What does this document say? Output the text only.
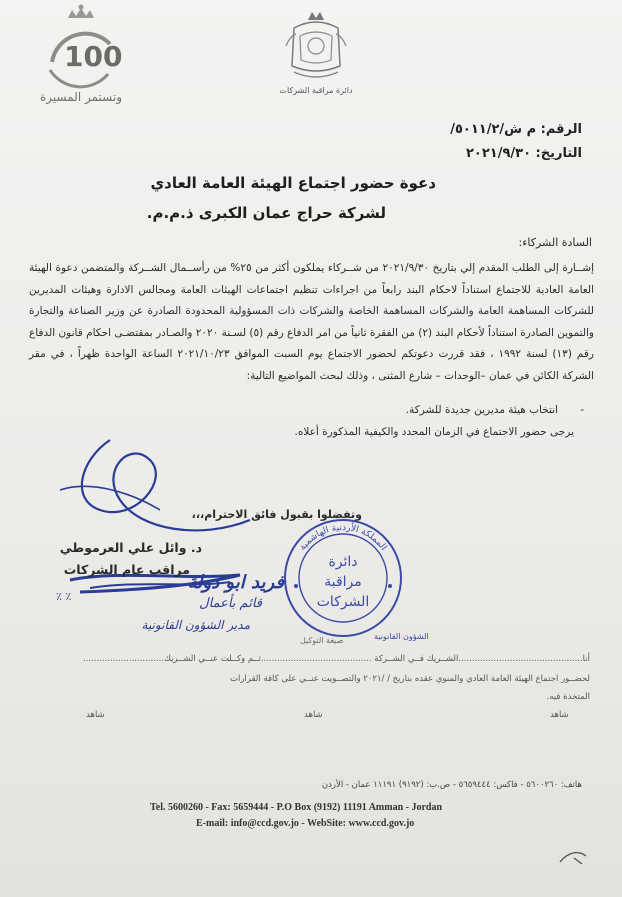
100
وتستمر المسيرة	دائرة مراقبة الشركات
الرقم: م ش/٥٠١١/٢/
التاريخ: ٢٠٢١/٩/٣٠
دعوة حضور اجتماع الهيئة العامة العادي
لشركة حراج عمان الكبرى ذ.م.م.
السادة الشركاء:
إشــارة إلى الطلب المقدم إلي بتاريخ ٢٠٢١/٩/٣٠ من شــركاء يملكون أكثر من ٢٥% من رأســمال الشــركة والمتضمن دعوة الهيئة العامة العادية للاجتماع استناداً لاحكام البند رابعاً من اجراءات تنظيم اجتماعات الهيئات العامة ومجالس الادارة وهيئات المديرين للشركات المساهمة العامة والشركات المساهمة الخاصة والشركات ذات المسؤولية المحدودة الصادرة عن وزير الصناعة والتجارة والتموين الصادرة استناداً لأحكام البند (٢) من الفقرة ثانياً من امر الدفاع رقم (٥) لسـنة ٢٠٢٠ والصـادر بمقتضـى احكام قانون الدفاع رقم (١٣) لسنة ١٩٩٢ ، فقد قررت دعوتكم لحضور الاجتماع يوم السبت الموافق ٢٠٢١/١٠/٢٣ الساعة الواحدة ظهراً ، في مقر الشركة الكائن في عمان –الوحدات – شارع المثنى ، وذلك لبحث المواضيع التالية:
-
انتخاب هيئة مديرين جديدة للشركة.
يرجى حضور الاجتماع في الزمان المحدد والكيفية المذكورة أعلاه.
وتفضلوا بقبول فائق الاحترام،،،
د. وائل علي العرموطي
مراقب عام الشركات
فريد ابو دولة
قائم بأعمال
مدير الشؤون القانونية
٪ ٪
المملكة الأردنية الهاشمية
دائرة
مراقبة
الشركات
الشؤون القانونية
صيغة التوكيل
أنا..............................................الشــريك فــي الشــركة .........................................ثــم وكــلت عنــي الشــريك..............................
لحضــور اجتماع الهيئة العامة العادي والمنوي عقده بتاريخ / /٢٠٢١ والتصــويت عنــي على كافة القرارات
المتخذة فيه.
شاهد
شاهد
شاهد
هاتف: ٥٦٠٠٢٦٠ - فاكس: ٥٦٥٩٤٤٤ - ص.ب: (٩١٩٢) ١١١٩١ عمان - الأردن
Tel. 5600260 - Fax: 5659444 - P.O Box (9192) 11191 Amman - Jordan
E-mail: info@ccd.gov.jo - WebSite: www.ccd.gov.jo
